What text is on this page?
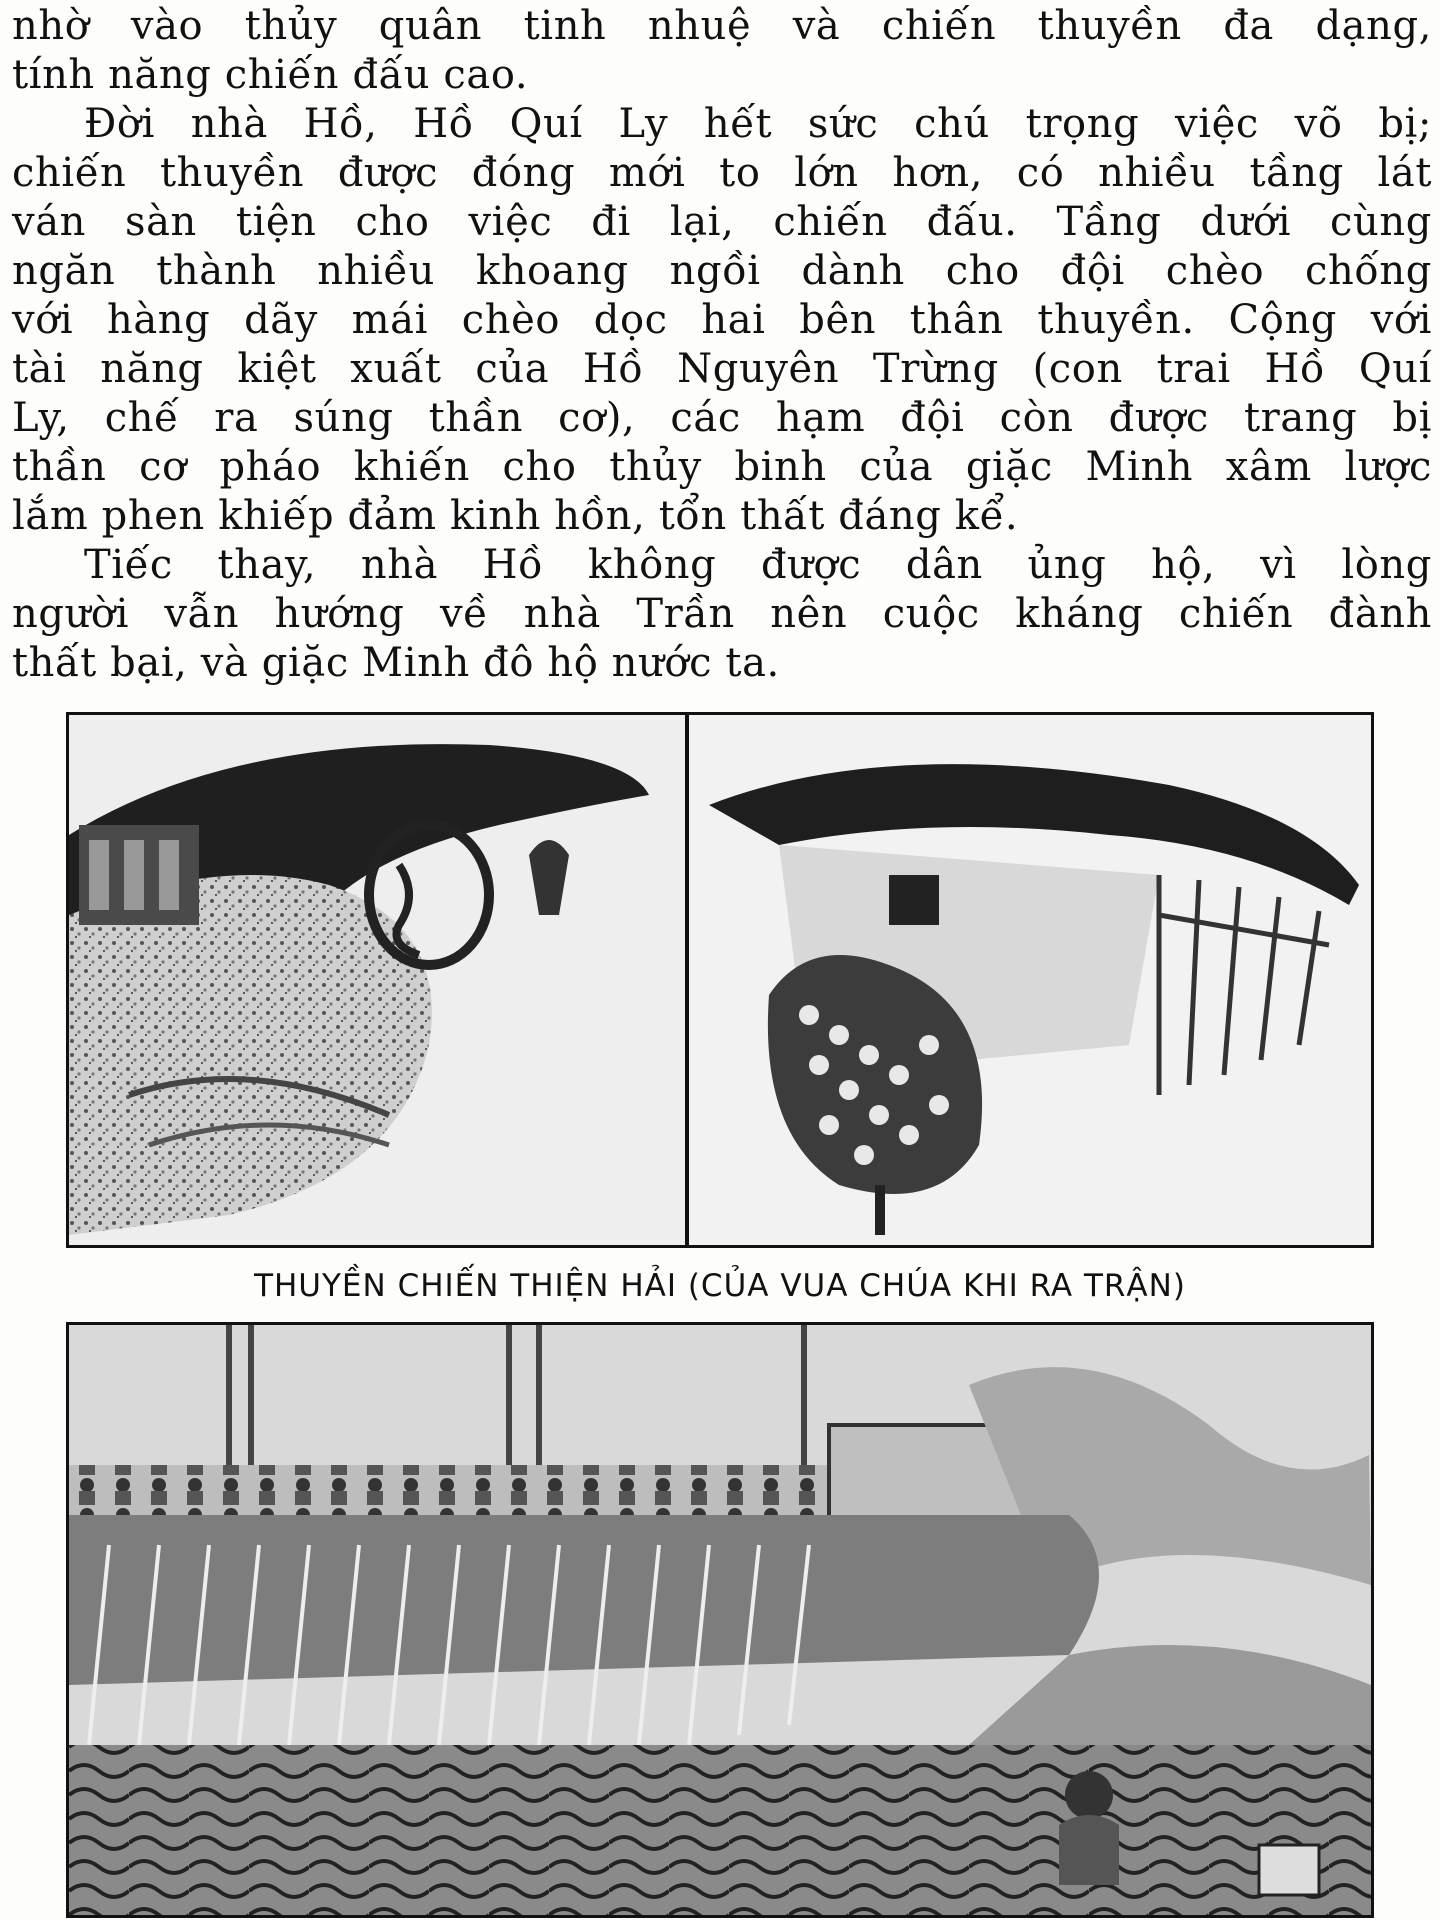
nhờ vào thủy quân tinh nhuệ và chiến thuyền đa dạng,
tính năng chiến đấu cao.
Đời nhà Hồ, Hồ Quí Ly hết sức chú trọng việc võ bị;
chiến thuyền được đóng mới to lớn hơn, có nhiều tầng lát
ván sàn tiện cho việc đi lại, chiến đấu. Tầng dưới cùng
ngăn thành nhiều khoang ngồi dành cho đội chèo chống
với hàng dãy mái chèo dọc hai bên thân thuyền. Cộng với
tài năng kiệt xuất của Hồ Nguyên Trừng (con trai Hồ Quí
Ly, chế ra súng thần cơ), các hạm đội còn được trang bị
thần cơ pháo khiến cho thủy binh của giặc Minh xâm lược
lắm phen khiếp đảm kinh hồn, tổn thất đáng kể.
Tiếc thay, nhà Hồ không được dân ủng hộ, vì lòng
người vẫn hướng về nhà Trần nên cuộc kháng chiến đành
thất bại, và giặc Minh đô hộ nước ta.
THUYỀN CHIẾN THIỆN HẢI (CỦA VUA CHÚA KHI RA TRẬN)
